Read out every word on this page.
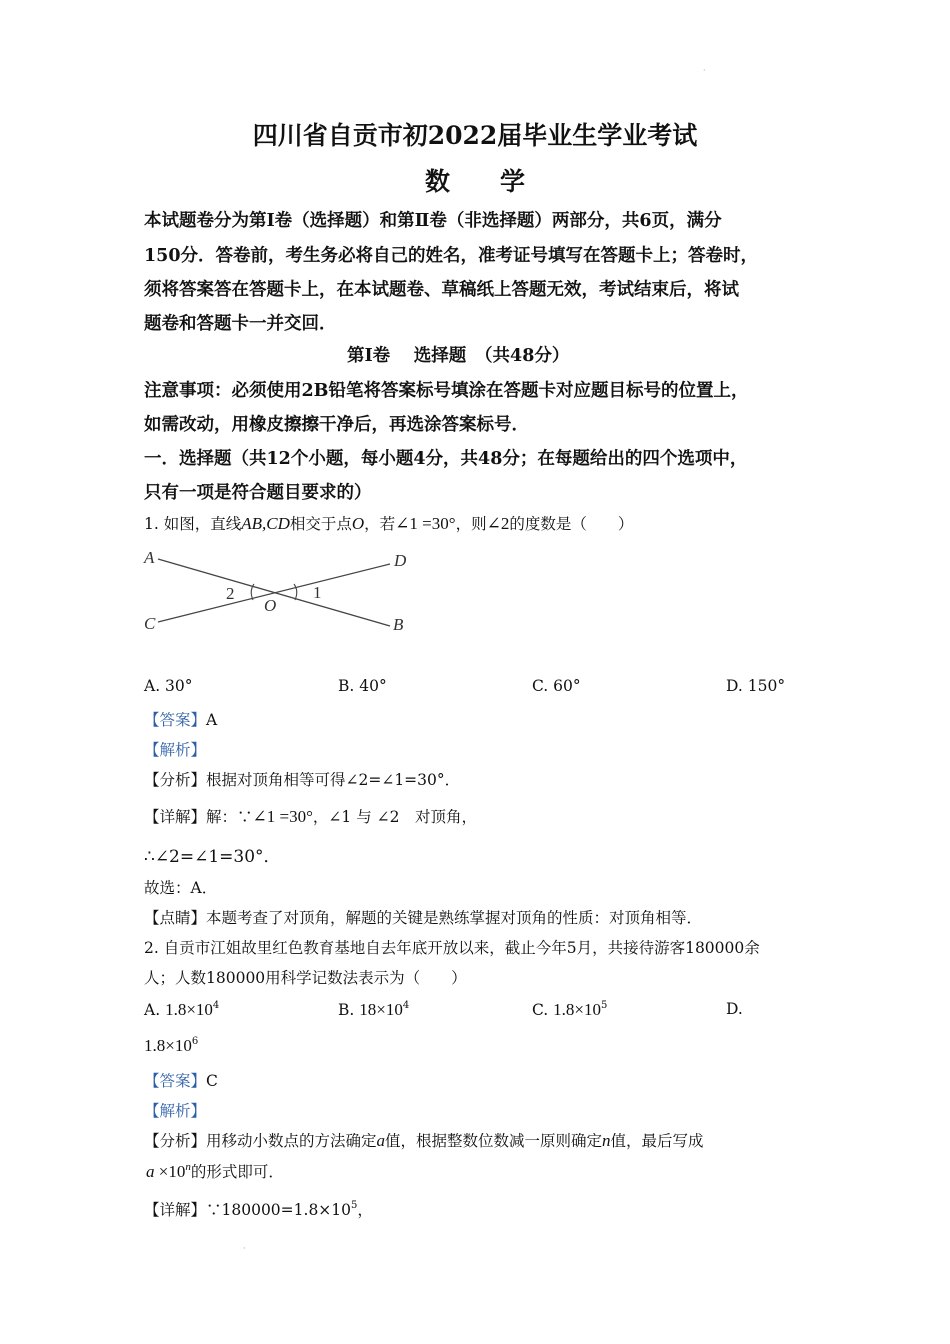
·
四川省自贡市初2022届毕业生学业考试
数　　学
本试题卷分为第Ⅰ卷（选择题）和第Ⅱ卷（非选择题）两部分，共6页，满分
150分．答卷前，考生务必将自己的姓名，准考证号填写在答题卡上；答卷时，
须将答案答在答题卡上，在本试题卷、草稿纸上答题无效，考试结束后，将试
题卷和答题卡一并交回．
第Ⅰ卷　 选择题　（共48分）
注意事项：必须使用2B铅笔将答案标号填涂在答题卡对应题目标号的位置上，
如需改动，用橡皮擦擦干净后，再选涂答案标号．
一．选择题（共12个小题，每小题4分，共48分；在每题给出的四个选项中，
只有一项是符合题目要求的）
1. 如图，直线AB,CD相交于点O，若∠1 =30°，则∠2的度数是（　　）
A	D
C	B
O
2	1
A. 30°	B. 40°	C. 60°	D. 150°
【答案】A
【解析】
【分析】根据对顶角相等可得∠2=∠1=30°．
【详解】解：∵∠1 =30°，∠1 与 ∠2　对顶角，
∴∠2=∠1=30°．
故选：A．
【点睛】本题考查了对顶角，解题的关键是熟练掌握对顶角的性质：对顶角相等．
2. 自贡市江姐故里红色教育基地自去年底开放以来，截止今年5月，共接待游客180000余
人；人数180000用科学记数法表示为（　　）
A. $1.8\times 10^4$	B. $18\times 10^4$	C. $1.8\times 10^5$	D.
$1.8\times 10^6$
【答案】C
【解析】
【分析】用移动小数点的方法确定a值，根据整数位数减一原则确定n值，最后写成
$a \times 10^n$的形式即可．
【详解】$\because 180000=1.8\times 10^5$，
·
